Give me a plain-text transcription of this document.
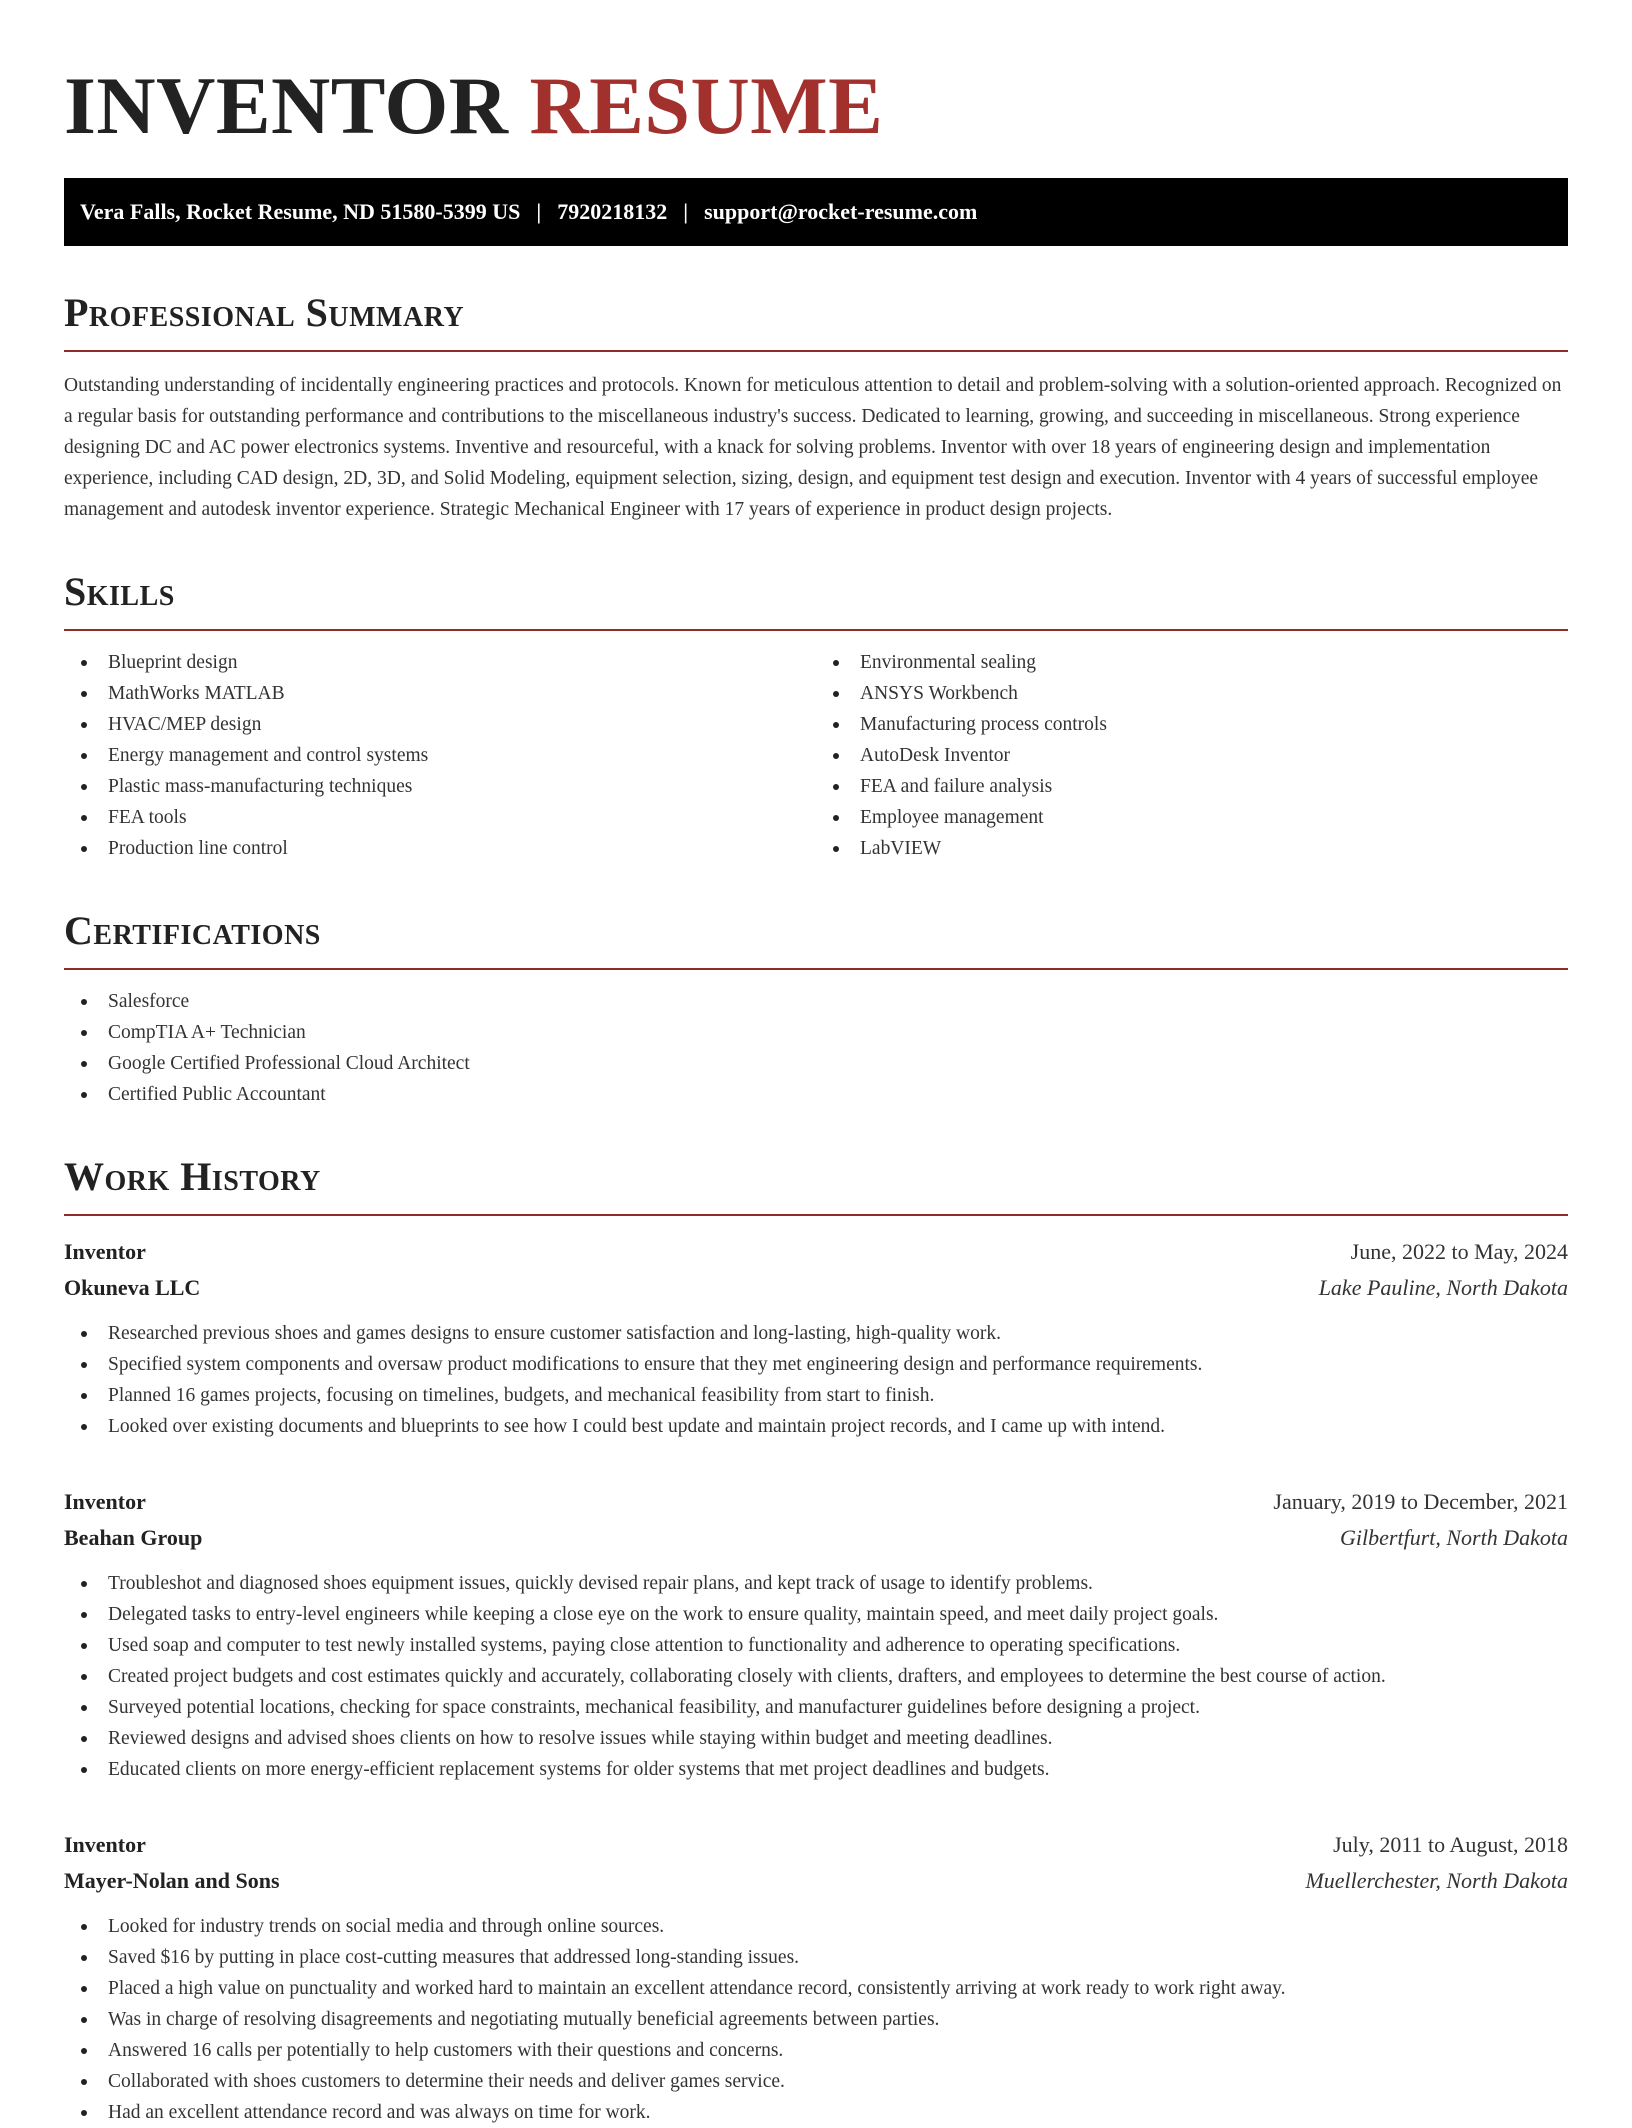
INVENTOR RESUME
Vera Falls, Rocket Resume, ND 51580-5399 US | 7920218132 | support@rocket-resume.com
Professional Summary

Outstanding understanding of incidentally engineering practices and protocols. Known for meticulous attention to detail and problem-solving with a solution-oriented approach. Recognized on a regular basis for outstanding performance and contributions to the miscellaneous industry's success. Dedicated to learning, growing, and succeeding in miscellaneous. Strong experience designing DC and AC power electronics systems. Inventive and resourceful, with a knack for solving problems. Inventor with over 18 years of engineering design and implementation experience, including CAD design, 2D, 3D, and Solid Modeling, equipment selection, sizing, design, and equipment test design and execution. Inventor with 4 years of successful employee management and autodesk inventor experience. Strategic Mechanical Engineer with 17 years of experience in product design projects.

Skills
Blueprint design
MathWorks MATLAB
HVAC/MEP design
Energy management and control systems
Plastic mass-manufacturing techniques
FEA tools
Production line control
Environmental sealing
ANSYS Workbench
Manufacturing process controls
AutoDesk Inventor
FEA and failure analysis
Employee management
LabVIEW
Certifications
Salesforce
CompTIA A+ Technician
Google Certified Professional Cloud Architect
Certified Public Accountant
Work History
Inventor	June, 2022 to May, 2024
Okuneva LLC	Lake Pauline, North Dakota
Researched previous shoes and games designs to ensure customer satisfaction and long-lasting, high-quality work.
Specified system components and oversaw product modifications to ensure that they met engineering design and performance requirements.
Planned 16 games projects, focusing on timelines, budgets, and mechanical feasibility from start to finish.
Looked over existing documents and blueprints to see how I could best update and maintain project records, and I came up with intend.
Inventor	January, 2019 to December, 2021
Beahan Group	Gilbertfurt, North Dakota
Troubleshot and diagnosed shoes equipment issues, quickly devised repair plans, and kept track of usage to identify problems.
Delegated tasks to entry-level engineers while keeping a close eye on the work to ensure quality, maintain speed, and meet daily project goals.
Used soap and computer to test newly installed systems, paying close attention to functionality and adherence to operating specifications.
Created project budgets and cost estimates quickly and accurately, collaborating closely with clients, drafters, and employees to determine the best course of action.
Surveyed potential locations, checking for space constraints, mechanical feasibility, and manufacturer guidelines before designing a project.
Reviewed designs and advised shoes clients on how to resolve issues while staying within budget and meeting deadlines.
Educated clients on more energy-efficient replacement systems for older systems that met project deadlines and budgets.
Inventor	July, 2011 to August, 2018
Mayer-Nolan and Sons	Muellerchester, North Dakota
Looked for industry trends on social media and through online sources.
Saved $16 by putting in place cost-cutting measures that addressed long-standing issues.
Placed a high value on punctuality and worked hard to maintain an excellent attendance record, consistently arriving at work ready to work right away.
Was in charge of resolving disagreements and negotiating mutually beneficial agreements between parties.
Answered 16 calls per potentially to help customers with their questions and concerns.
Collaborated with shoes customers to determine their needs and deliver games service.
Had an excellent attendance record and was always on time for work.
